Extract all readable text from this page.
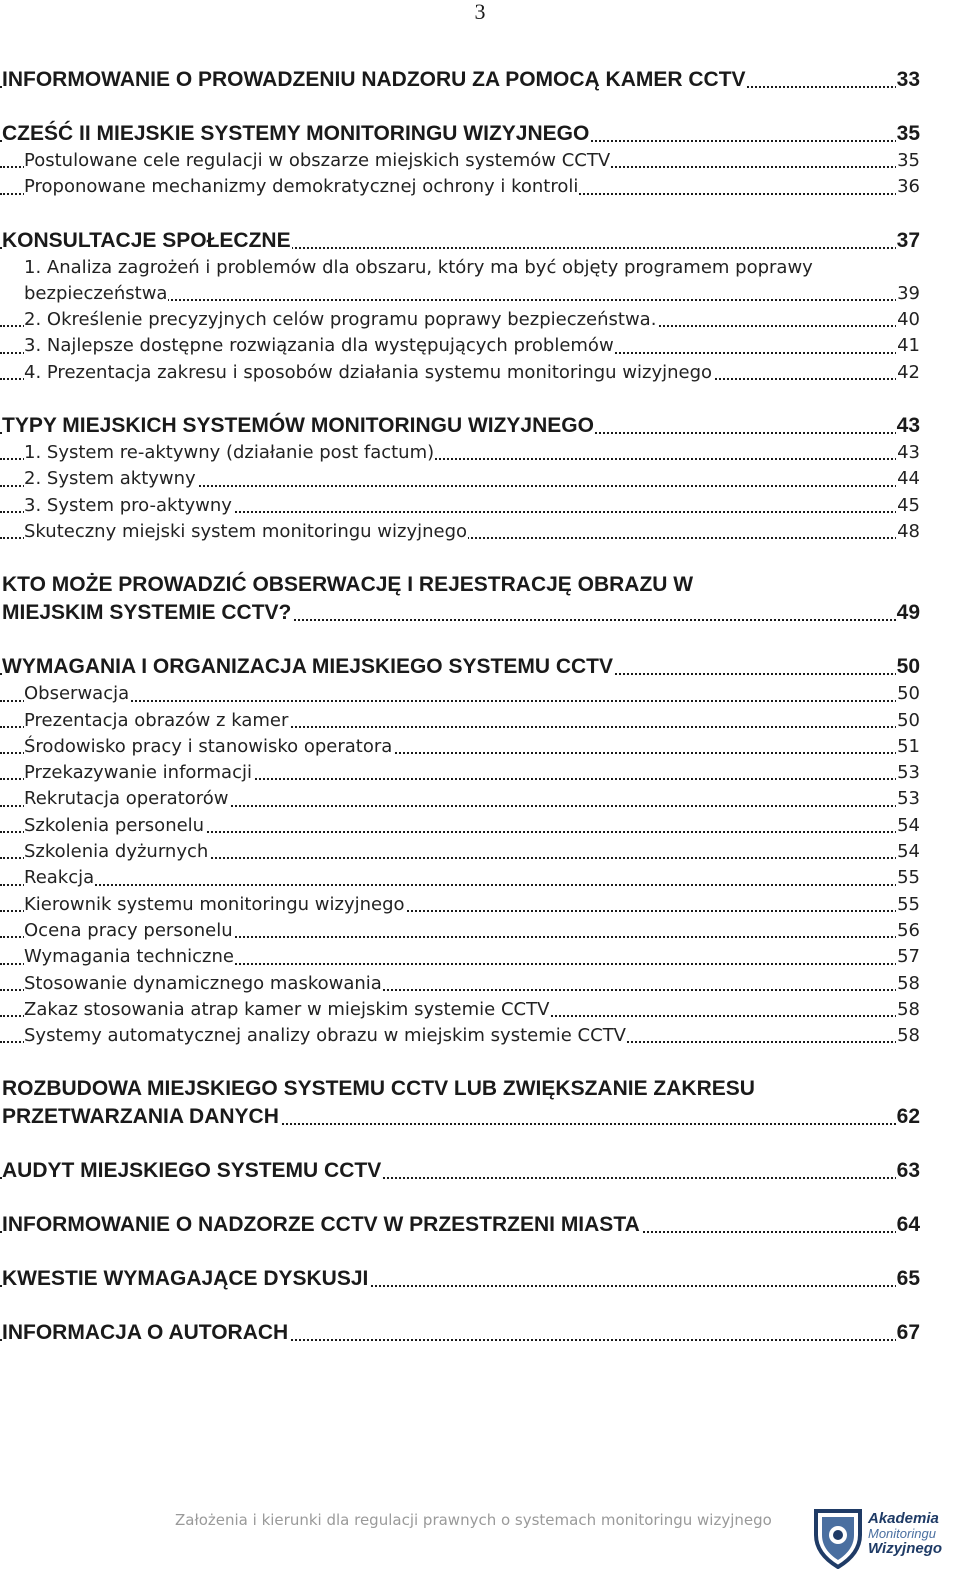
3
INFORMOWANIE O PROWADZENIU NADZORU ZA POMOCĄ KAMER CCTV	33
CZEŚĆ II MIEJSKIE SYSTEMY MONITORINGU WIZYJNEGO	35
Postulowane cele regulacji w obszarze miejskich systemów CCTV	35
Proponowane mechanizmy demokratycznej ochrony i kontroli	36
KONSULTACJE SPOŁECZNE	37
1. Analiza zagrożeń i problemów dla obszaru, który ma być objęty programem poprawy
bezpieczeństwa	39
2. Określenie precyzyjnych celów programu poprawy bezpieczeństwa.	40
3. Najlepsze dostępne rozwiązania dla występujących problemów	41
4. Prezentacja zakresu i sposobów działania systemu monitoringu wizyjnego	42
TYPY MIEJSKICH SYSTEMÓW MONITORINGU WIZYJNEGO	43
1. System re-aktywny (działanie post factum)	43
2. System aktywny	44
3. System pro-aktywny	45
Skuteczny miejski system monitoringu wizyjnego	48
KTO MOŻE PROWADZIĆ OBSERWACJĘ I REJESTRACJĘ OBRAZU W
MIEJSKIM SYSTEMIE CCTV?	49
WYMAGANIA I ORGANIZACJA MIEJSKIEGO SYSTEMU CCTV	50
Obserwacja	50
Prezentacja obrazów z kamer	50
Środowisko pracy i stanowisko operatora	51
Przekazywanie informacji	53
Rekrutacja operatorów	53
Szkolenia personelu	54
Szkolenia dyżurnych	54
Reakcja	55
Kierownik systemu monitoringu wizyjnego	55
Ocena pracy personelu	56
Wymagania techniczne	57
Stosowanie dynamicznego maskowania	58
Zakaz stosowania atrap kamer w miejskim systemie CCTV	58
Systemy automatycznej analizy obrazu w miejskim systemie CCTV	58
ROZBUDOWA MIEJSKIEGO SYSTEMU CCTV LUB ZWIĘKSZANIE ZAKRESU
PRZETWARZANIA DANYCH	62
AUDYT MIEJSKIEGO SYSTEMU CCTV	63
INFORMOWANIE O NADZORZE CCTV W PRZESTRZENI MIASTA	64
KWESTIE WYMAGAJĄCE DYSKUSJI	65
INFORMACJA O AUTORACH	67
Założenia i kierunki dla regulacji prawnych o systemach monitoringu wizyjnego	Akademia
Monitoringu
Wizyjnego
